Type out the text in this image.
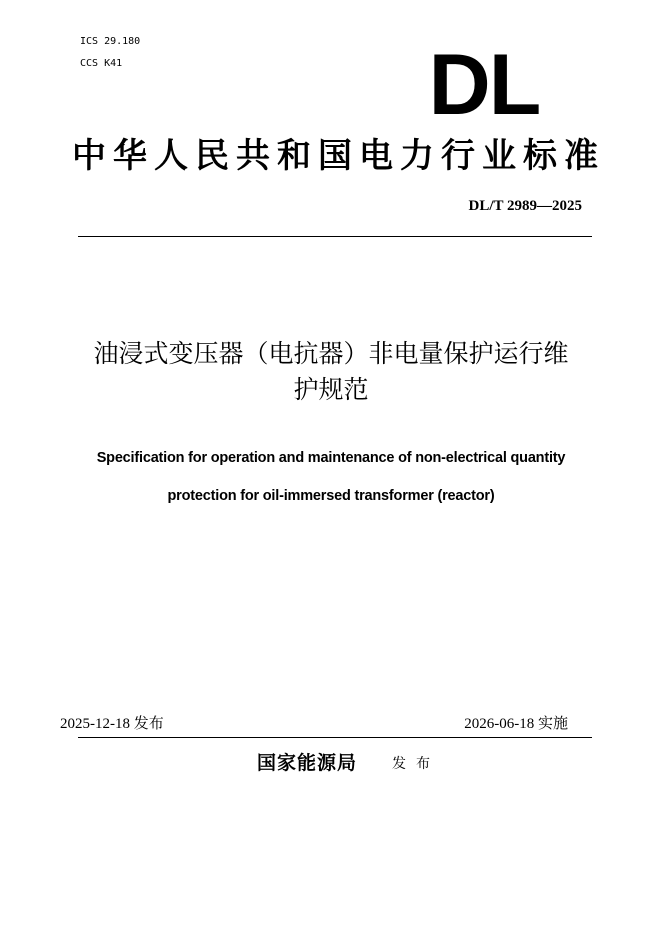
ICS 29.180
CCS K41	DL
中华人民共和国电力行业标准
DL/T 2989—2025
油浸式变压器（电抗器）非电量保护运行维
护规范
Specification for operation and maintenance of non-electrical quantity
protection for oil-immersed transformer (reactor)
2025-12-18 发布	2026-06-18 实施
国家能源局 发布
